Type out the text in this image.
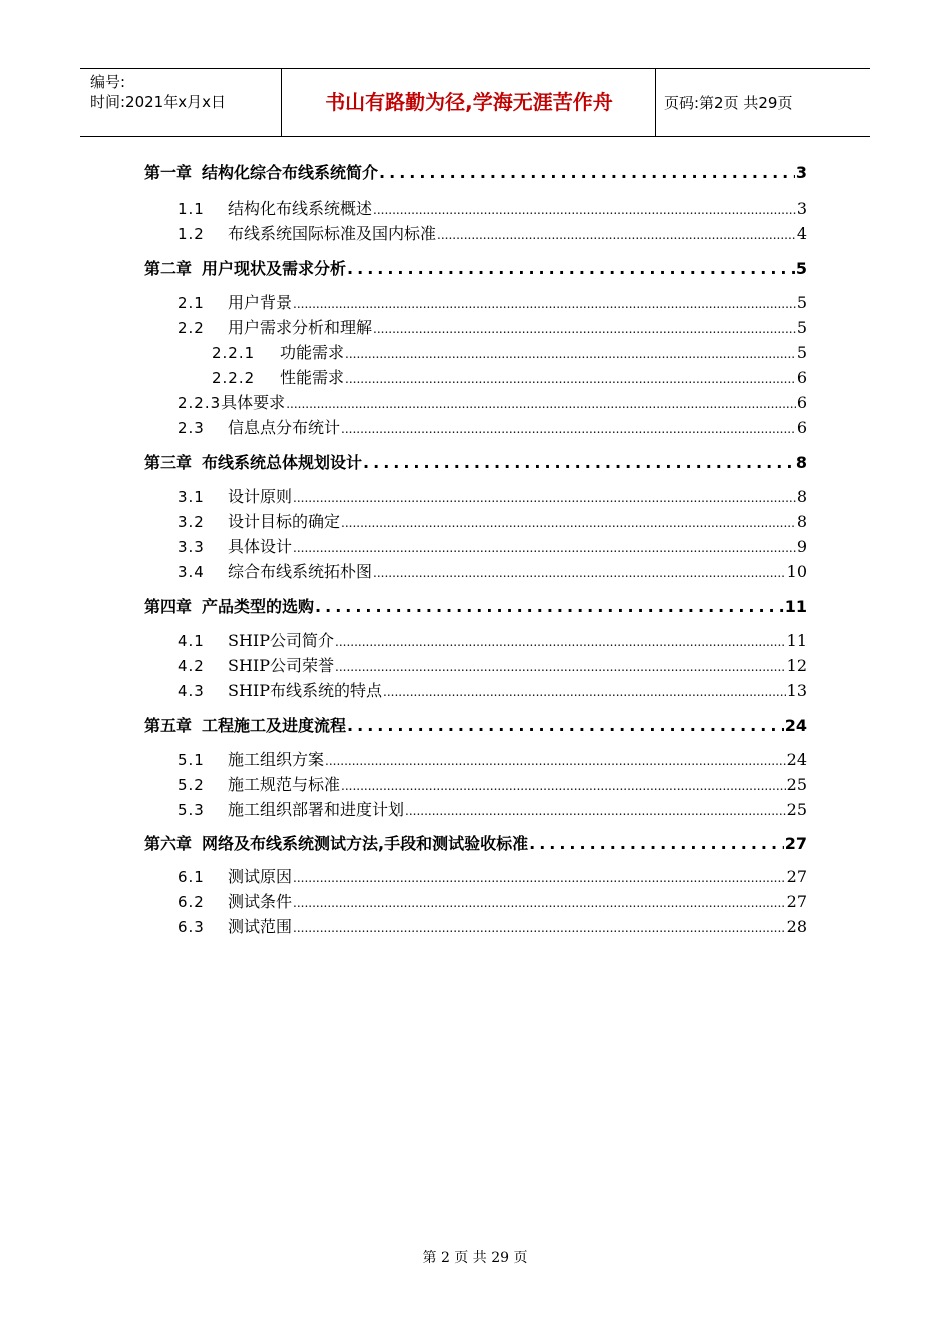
编号:
时间:2021年x月x日	书山有路勤为径,学海无涯苦作舟	页码:第2页 共29页
第一章 结构化综合布线系统简介 .....	3
1.1	结构化布线系统概述 .....	3
1.2	布线系统国际标准及国内标准 .....	4
第二章 用户现状及需求分析 .....	5
2.1	用户背景 .....	5
2.2	用户需求分析和理解 .....	5
2.2.1	功能需求 .....	5
2.2.2	性能需求 .....	6
2.2.3 具体要求 .....	6
2.3	信息点分布统计 .....	6
第三章 布线系统总体规划设计 .....	8
3.1	设计原则 .....	8
3.2	设计目标的确定 .....	8
3.3	具体设计 .....	9
3.4	综合布线系统拓朴图 .....	10
第四章 产品类型的选购 .....	11
4.1	SHIP公司简介 .....	11
4.2	SHIP公司荣誉 .....	12
4.3	SHIP布线系统的特点 .....	13
第五章 工程施工及进度流程 .....	24
5.1	施工组织方案 .....	24
5.2	施工规范与标准 .....	25
5.3	施工组织部署和进度计划 .....	25
第六章 网络及布线系统测试方法,手段和测试验收标准 .....	27
6.1	测试原因 .....	27
6.2	测试条件 .....	27
6.3	测试范围 .....	28
第 2 页 共 29 页
